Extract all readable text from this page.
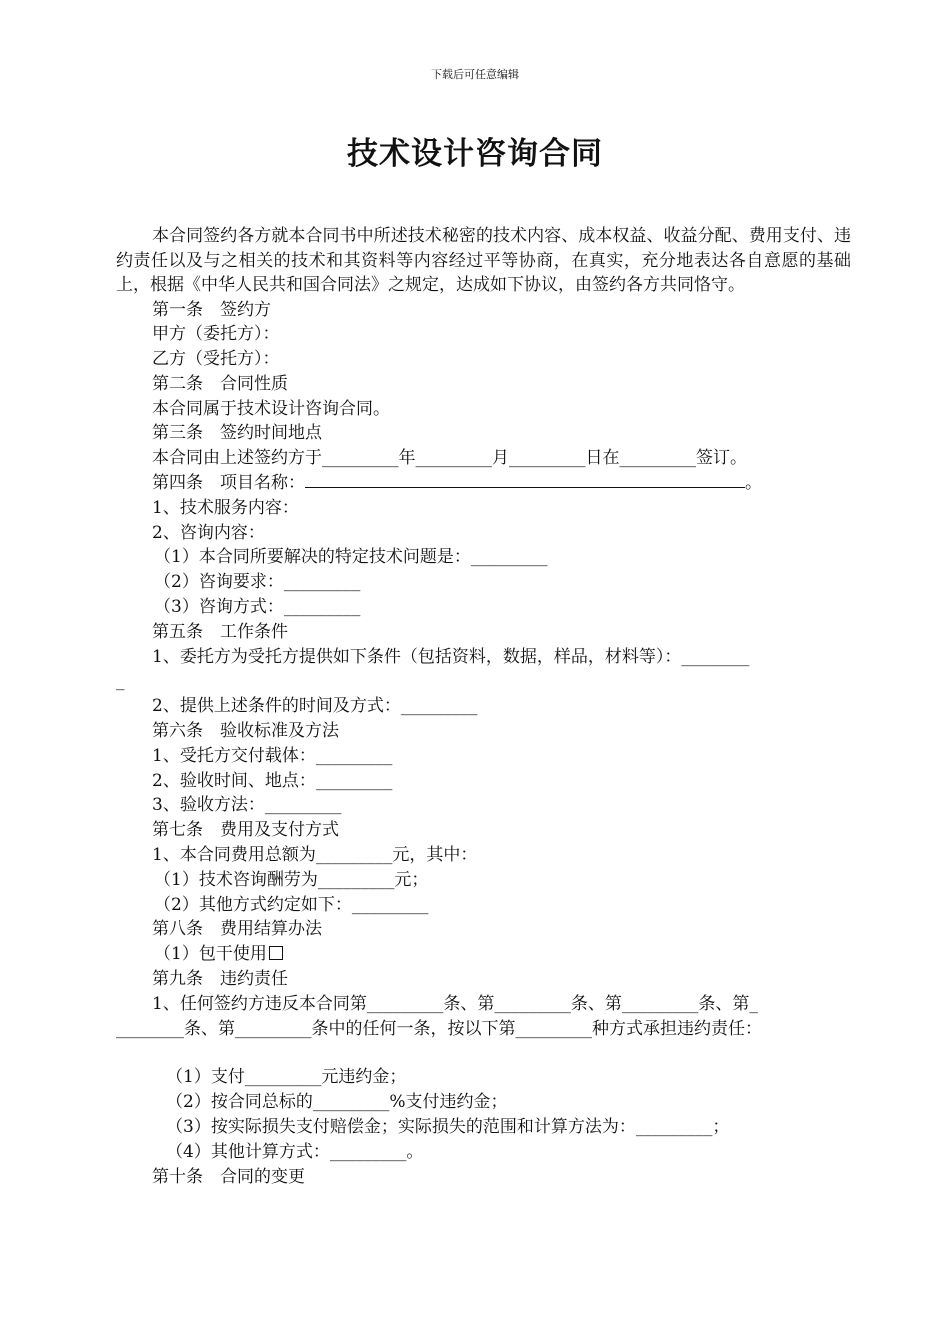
下载后可任意编辑
技术设计咨询合同

本合同签约各方就本合同书中所述技术秘密的技术内容、成本权益、收益分配、费用支付、违约责任以及与之相关的技术和其资料等内容经过平等协商，在真实，充分地表达各自意愿的基础上，根据《中华人民共和国合同法》之规定，达成如下协议，由签约各方共同恪守。

第一条　签约方
甲方（委托方）：
乙方（受托方）：
第二条　合同性质
本合同属于技术设计咨询合同。
第三条　签约时间地点
本合同由上述签约方于_________年_________月_________日在_________签订。
第四条　项目名称：	。
1、技术服务内容：
2、咨询内容：
（1）本合同所要解决的特定技术问题是：_________
（2）咨询要求：_________
（3）咨询方式：_________
第五条　工作条件
1、委托方为受托方提供如下条件（包括资料，数据，样品，材料等）：________
_
2、提供上述条件的时间及方式：_________
第六条　验收标准及方法
1、受托方交付载体：_________
2、验收时间、地点：_________
3、验收方法：_________
第七条　费用及支付方式
1、本合同费用总额为_________元，其中：
（1）技术咨询酬劳为_________元；
（2）其他方式约定如下：_________
第八条　费用结算办法
（1）包干使用
第九条　违约责任
1、任何签约方违反本合同第_________条、第_________条、第_________条、第_
________条、第_________条中的任何一条，按以下第_________种方式承担违约责任：
（1）支付_________元违约金；
（2）按合同总标的_________%支付违约金；
（3）按实际损失支付赔偿金；实际损失的范围和计算方法为：_________；
（4）其他计算方式：_________。
第十条　合同的变更
